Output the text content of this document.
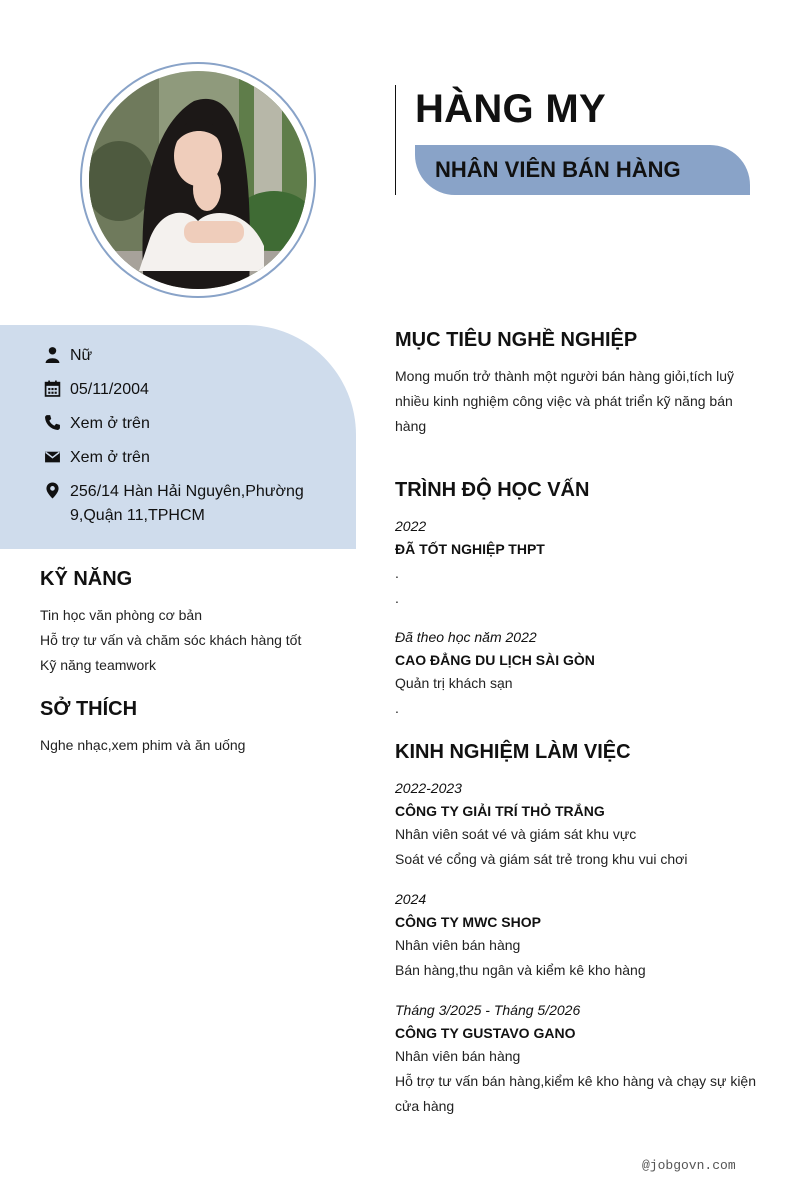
HÀNG MY
NHÂN VIÊN BÁN HÀNG
Nữ
05/11/2004
Xem ở trên
Xem ở trên
256/14 Hàn Hải Nguyên,Phường 9,Quận 11,TPHCM
KỸ NĂNG
Tin học văn phòng cơ bản
Hỗ trợ tư vấn và chăm sóc khách hàng tốt
Kỹ năng teamwork
SỞ THÍCH
Nghe nhạc,xem phim và ăn uống
MỤC TIÊU NGHỀ NGHIỆP
Mong muốn trở thành một người bán hàng giỏi,tích luỹ
nhiều kinh nghiệm công việc và phát triển kỹ năng bán
hàng
TRÌNH ĐỘ HỌC VẤN
2022
ĐÃ TỐT NGHIỆP THPT
.
.
Đã theo học năm 2022
CAO ĐẲNG DU LỊCH SÀI GÒN
Quản trị khách sạn
.
KINH NGHIỆM LÀM VIỆC
2022-2023
CÔNG TY GIẢI TRÍ THỎ TRẮNG
Nhân viên soát vé và giám sát khu vực
Soát vé cổng và giám sát trẻ trong khu vui chơi
2024
CÔNG TY MWC SHOP
Nhân viên bán hàng
Bán hàng,thu ngân và kiểm kê kho hàng
Tháng 3/2025 - Tháng 5/2026
CÔNG TY GUSTAVO GANO
Nhân viên bán hàng
Hỗ trợ tư vấn bán hàng,kiểm kê kho hàng và chạy sự kiện
cửa hàng
@jobgovn.com
